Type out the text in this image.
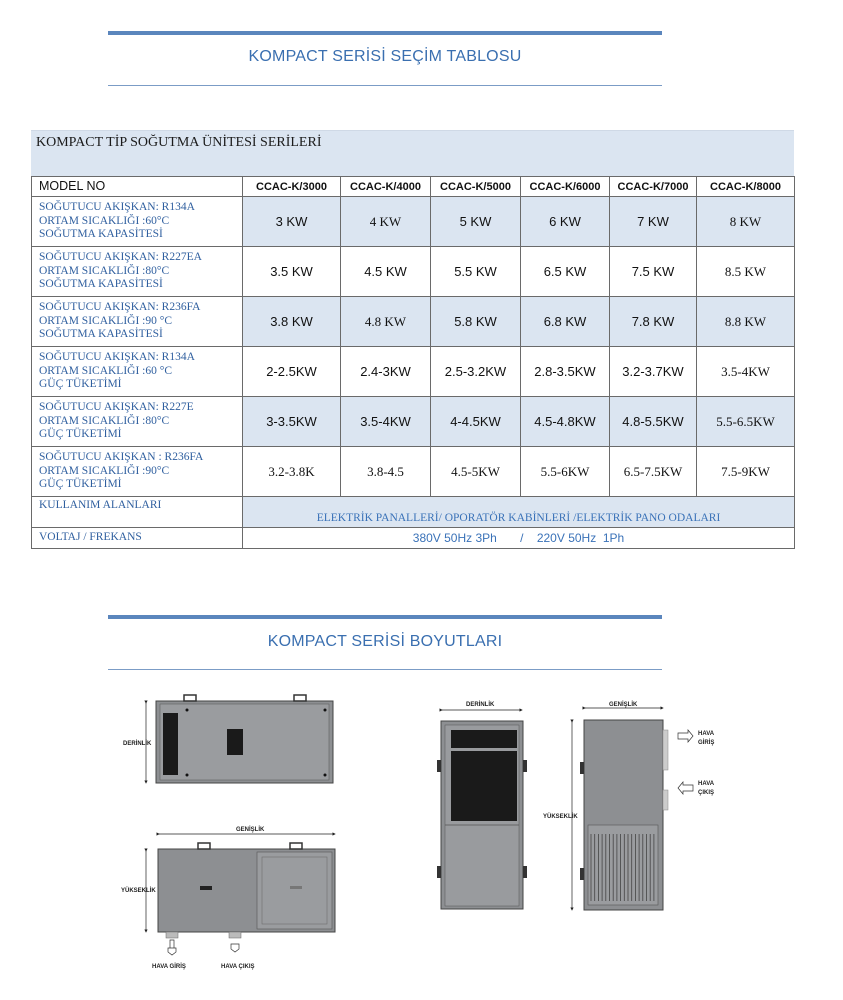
KOMPACT SERİSİ SEÇİM TABLOSU
KOMPACT TİP SOĞUTMA ÜNİTESİ SERİLERİ
MODEL NO	CCAC-K/3000	CCAC-K/4000	CCAC-K/5000	CCAC-K/6000	CCAC-K/7000	CCAC-K/8000

SOĞUTUCU AKIŞKAN: R134A
ORTAM SICAKLIĞI :60°C
SOĞUTMA KAPASİTESİ	3 KW	4 KW	5 KW	6 KW	7 KW	8 KW

SOĞUTUCU AKIŞKAN: R227EA
ORTAM SICAKLIĞI :80°C
SOĞUTMA KAPASİTESİ	3.5 KW	4.5 KW	5.5 KW	6.5 KW	7.5 KW	8.5 KW

SOĞUTUCU AKIŞKAN: R236FA
ORTAM SICAKLIĞI :90 °C
SOĞUTMA KAPASİTESİ	3.8 KW	4.8 KW	5.8 KW	6.8 KW	7.8 KW	8.8 KW

SOĞUTUCU AKIŞKAN: R134A
ORTAM SICAKLIĞI :60 °C
GÜÇ TÜKETİMİ	2-2.5KW	2.4-3KW	2.5-3.2KW	2.8-3.5KW	3.2-3.7KW	3.5-4KW

SOĞUTUCU AKIŞKAN: R227E
ORTAM SICAKLIĞI :80°C
GÜÇ TÜKETİMİ	3-3.5KW	3.5-4KW	4-4.5KW	4.5-4.8KW	4.8-5.5KW	5.5-6.5KW

SOĞUTUCU AKIŞKAN : R236FA
ORTAM SICAKLIĞI :90°C
GÜÇ TÜKETİMİ	3.2-3.8K	3.8-4.5	4.5-5KW	5.5-6KW	6.5-7.5KW	7.5-9KW
KULLANIM ALANLARI	ELEKTRİK PANALLERİ/ OPORATÖR KABİNLERİ /ELEKTRİK PANO ODALARI					
VOLTAJ / FREKANS	380V 50Hz 3Ph       /    220V 50Hz  1Ph					
KOMPACT SERİSİ BOYUTLARI
DERİNLİK
GENİŞLİK
YÜKSEKLİK
HAVA GİRİŞ	HAVA ÇIKIŞ
DERİNLİK	GENİŞLİK
YÜKSEKLİK
HAVA
GİRİŞ
HAVA
ÇIKIŞ
